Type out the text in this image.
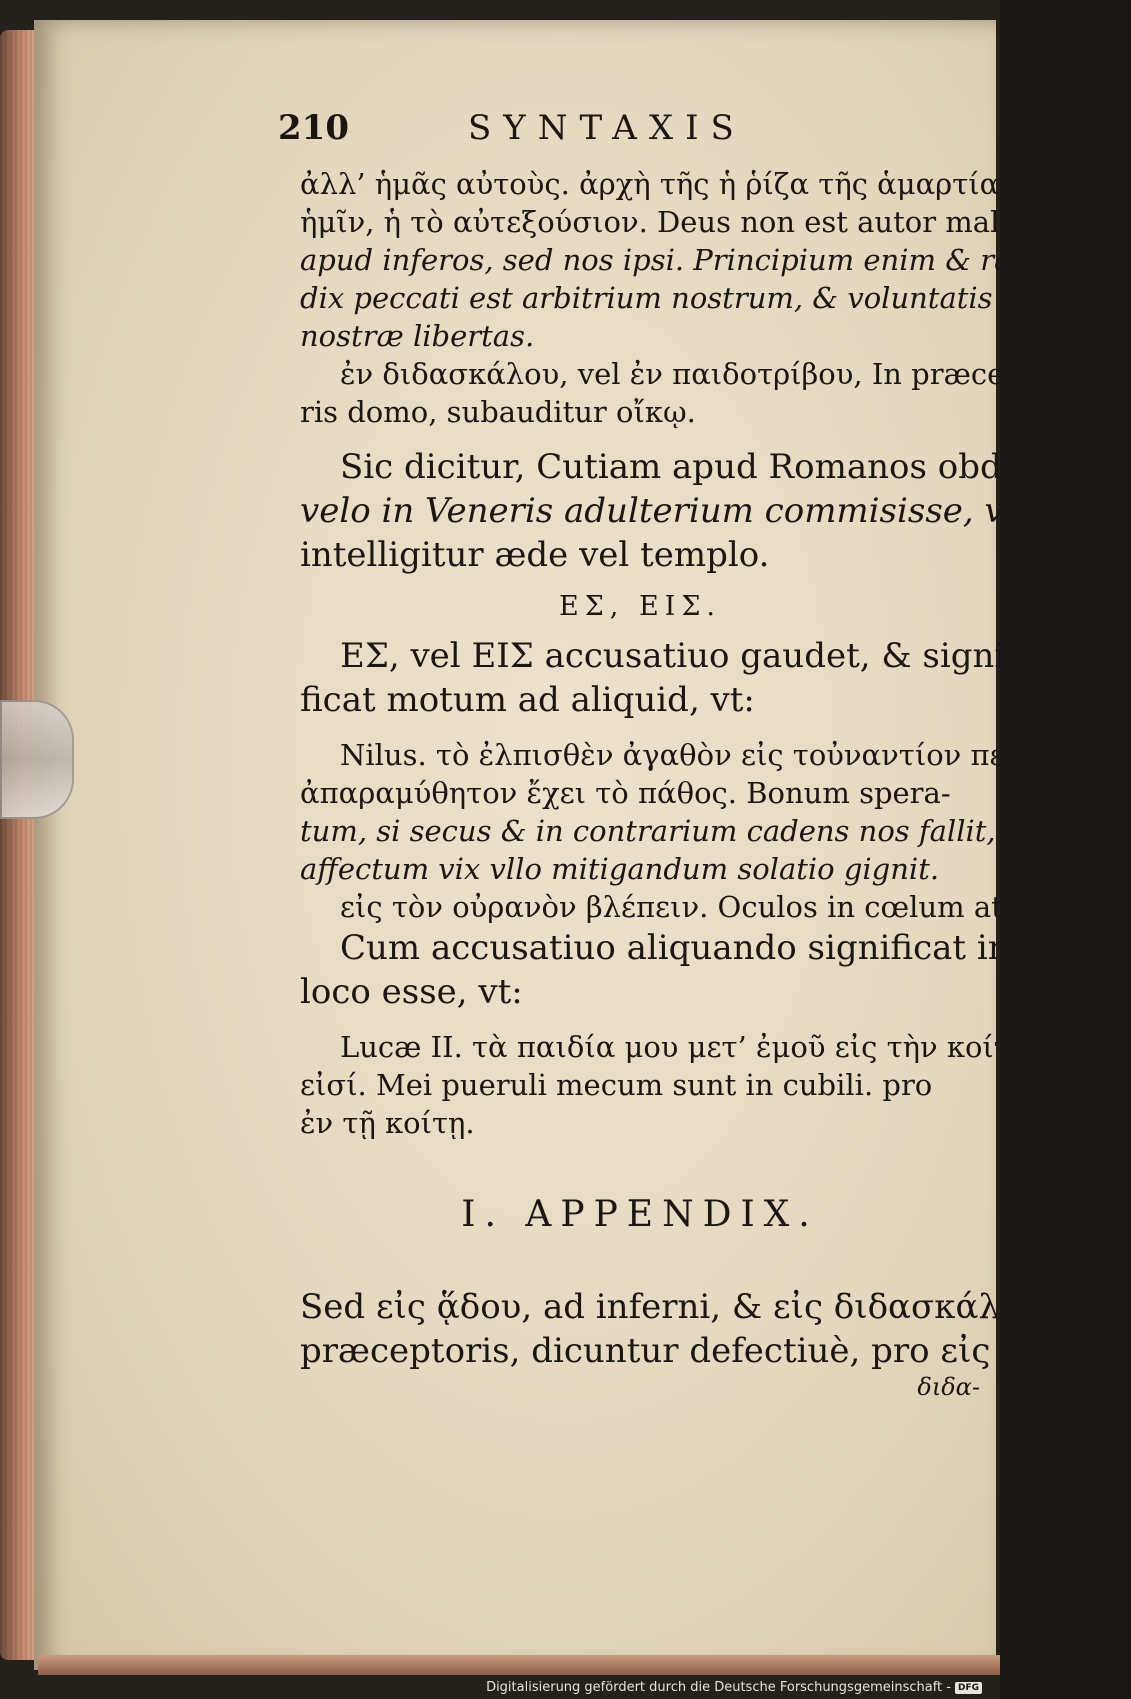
210	SYNTAXIS

ἀλλ’ ἡμᾶς αὐτοὺς. ἀρχὴ τῆς ἡ ῥίζα τῆς ἁμαρτίας τὸ ἐφ’

ἡμῖν, ἡ τὸ αὐτεξούσιον. Deus non est autor malorum

apud inferos, sed nos ipsi. Principium enim & ra

dix peccati est arbitrium nostrum, & voluntatis

nostræ libertas.

ἐν διδασκάλου, vel ἐν παιδοτρίβου, In præcepto-

ris domo, subauditur οἴκῳ.

Sic dicitur, Cutiam apud Romanos obducto

velo in Veneris adulterium commisisse, vbi sub-

intelligitur æde vel templo.

ΕΣ, ΕΙΣ.

ΕΣ, vel ΕΙΣ accusatiuo gaudet, & signi-

ficat motum ad aliquid, vt:

Nilus. τὸ ἐλπισθὲν ἀγαθὸν εἰς τοὐναντίον περιπεσόν,

ἀπαραμύθητον ἔχει τὸ πάθος. Bonum spera-

tum, si secus & in contrarium cadens nos fallit,

affectum vix vllo mitigandum solatio gignit.

εἰς τὸν οὐρανὸν βλέπειν. Oculos in cœlum attollere.

Cum accusatiuo aliquando significat in

loco esse, vt:

Lucæ II. τὰ παιδία μου μετ’ ἐμοῦ εἰς τὴν κοίτην

εἰσί. Mei pueruli mecum sunt in cubili. pro

ἐν τῇ κοίτῃ.

I. APPENDIX.

Sed εἰς ᾅδου, ad inferni, & εἰς διδασκάλου, ad

præceptoris, dicuntur defectiuè, pro εἰς τοῦ

διδα-

Digitalisierung gefördert durch die Deutsche Forschungsgemeinschaft - DFG
